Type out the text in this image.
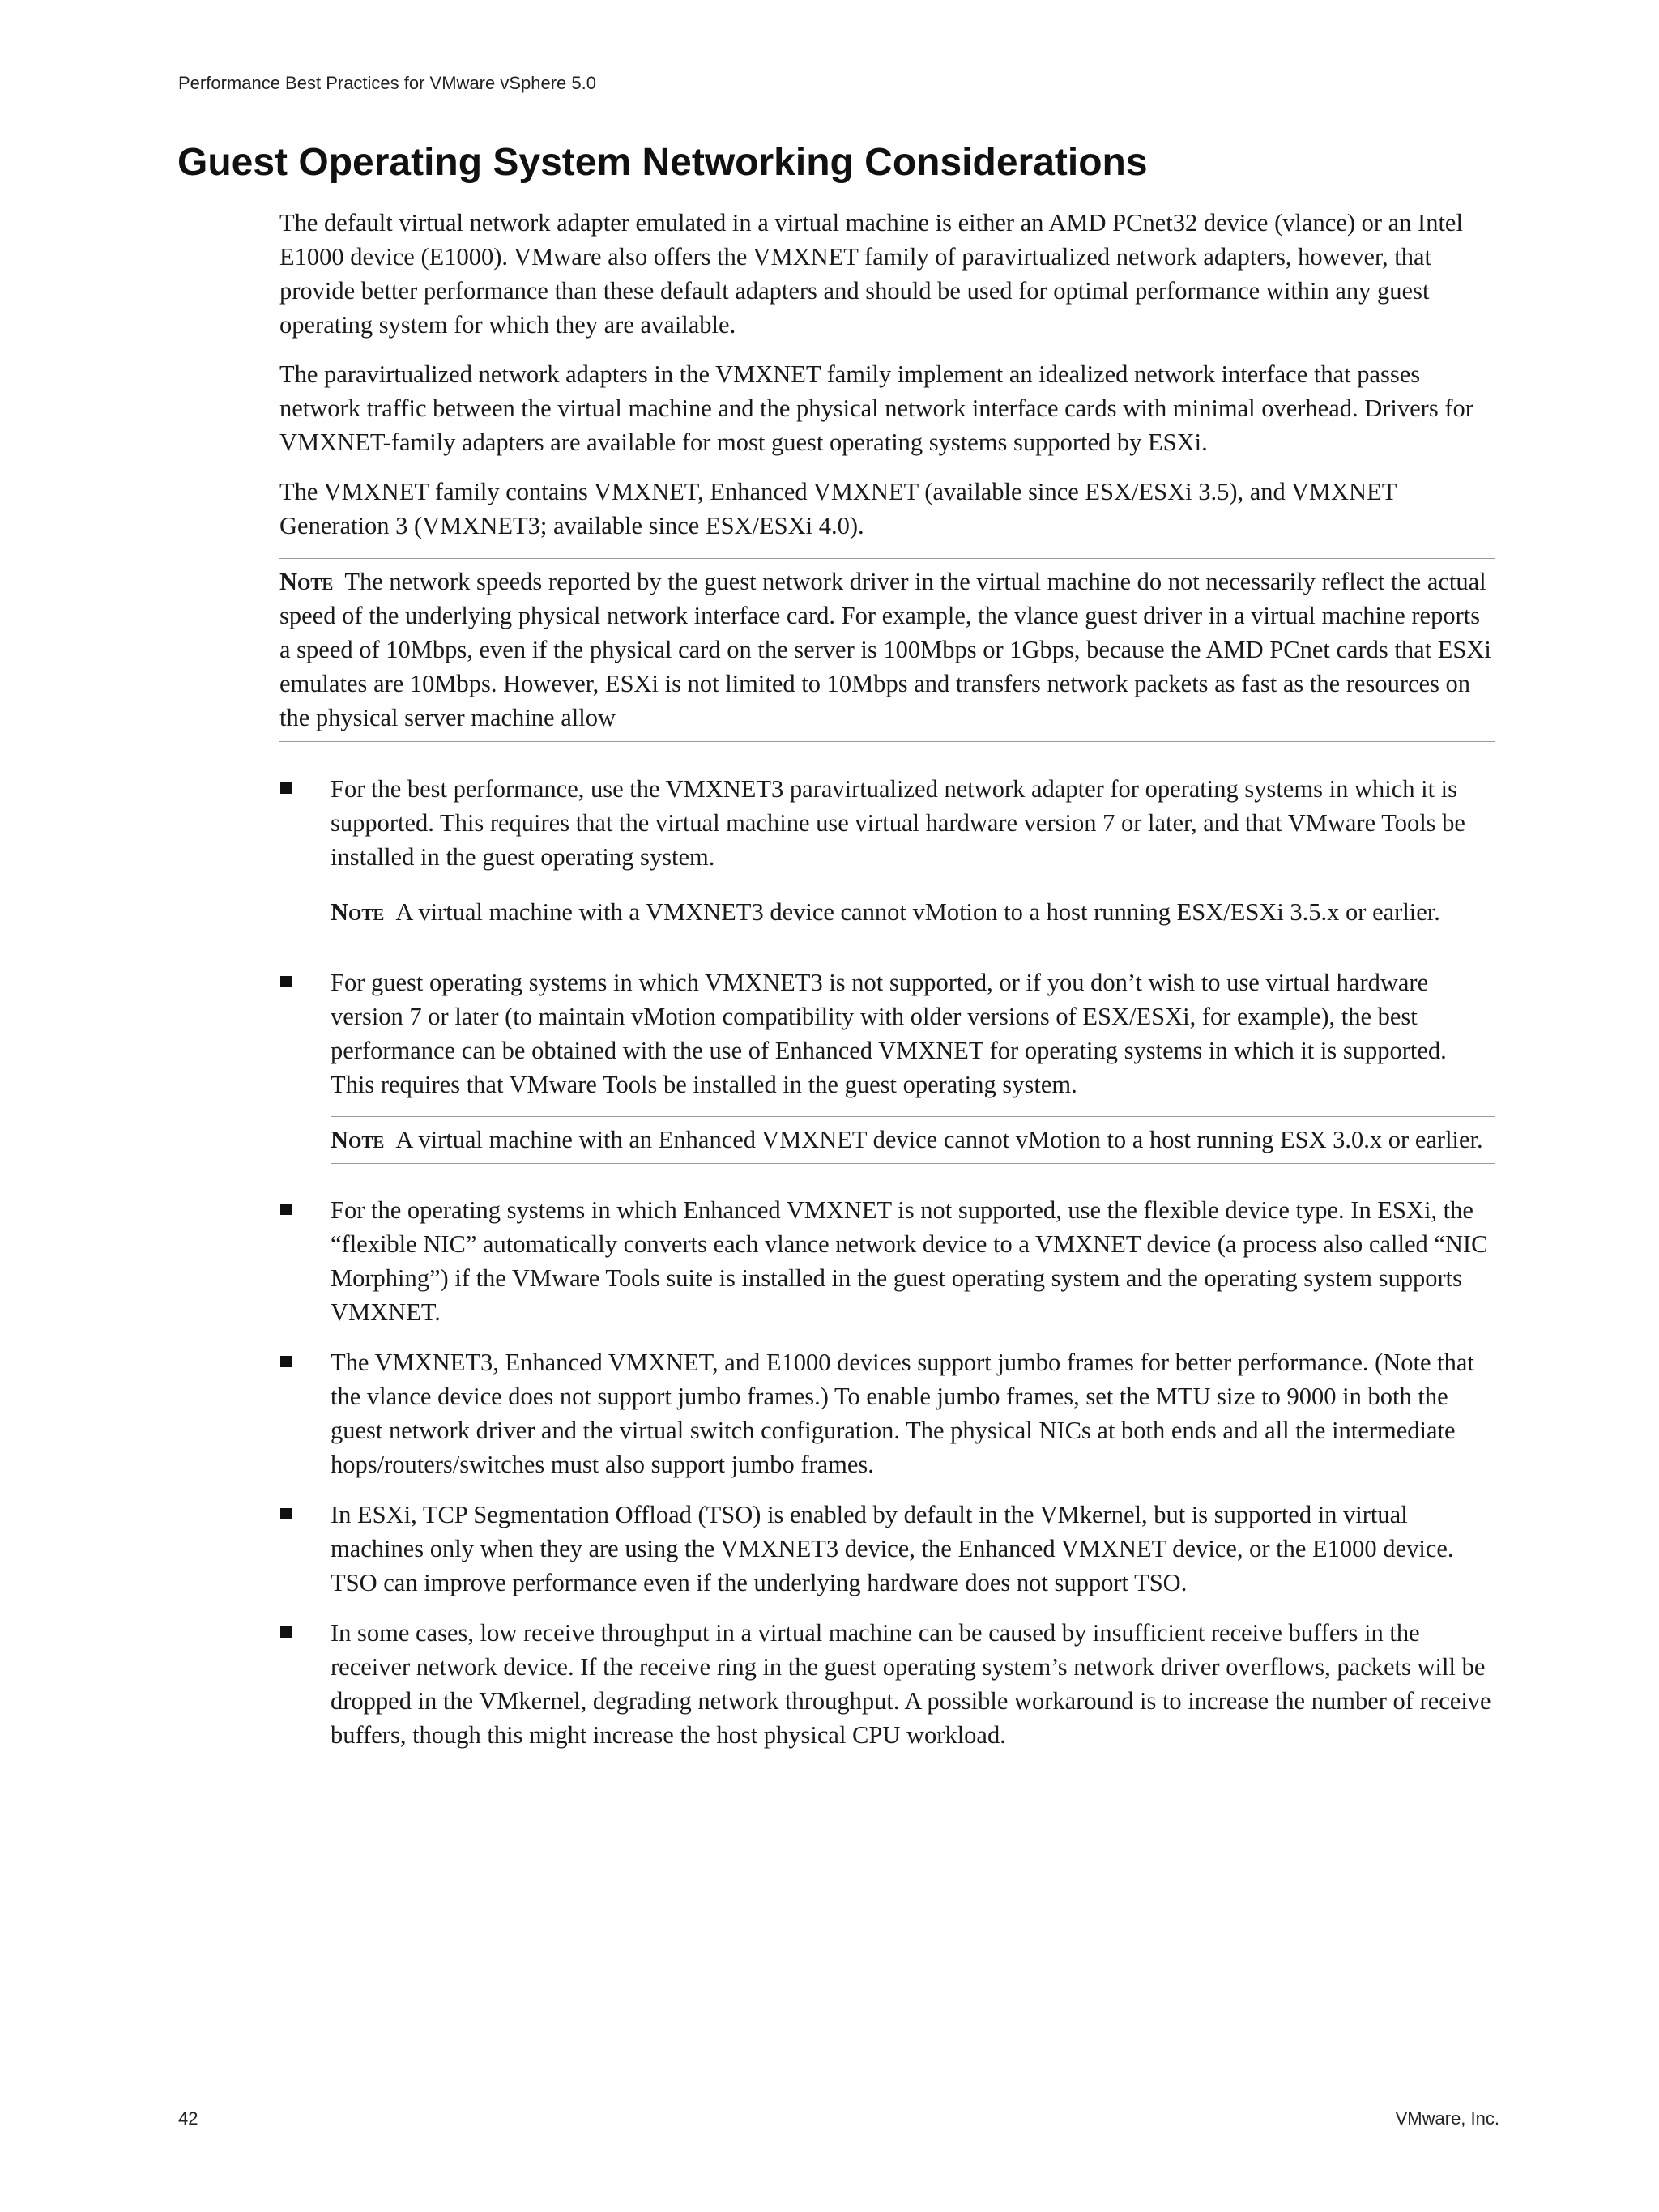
Performance Best Practices for VMware vSphere 5.0
Guest Operating System Networking Considerations

The default virtual network adapter emulated in a virtual machine is either an AMD PCnet32 device (vlance) or an Intel E1000 device (E1000). VMware also offers the VMXNET family of paravirtualized network adapters, however, that provide better performance than these default adapters and should be used for optimal performance within any guest operating system for which they are available.

The paravirtualized network adapters in the VMXNET family implement an idealized network interface that passes network traffic between the virtual machine and the physical network interface cards with minimal overhead. Drivers for VMXNET-family adapters are available for most guest operating systems supported by ESXi.

The VMXNET family contains VMXNET, Enhanced VMXNET (available since ESX/ESXi 3.5), and VMXNET Generation 3 (VMXNET3; available since ESX/ESXi 4.0).

Note The network speeds reported by the guest network driver in the virtual machine do not necessarily reflect the actual speed of the underlying physical network interface card. For example, the vlance guest driver in a virtual machine reports a speed of 10Mbps, even if the physical card on the server is 100Mbps or 1Gbps, because the AMD PCnet cards that ESXi emulates are 10Mbps. However, ESXi is not limited to 10Mbps and transfers network packets as fast as the resources on the physical server machine allow

For the best performance, use the VMXNET3 paravirtualized network adapter for operating systems in which it is supported. This requires that the virtual machine use virtual hardware version 7 or later, and that VMware Tools be installed in the guest operating system.

Note A virtual machine with a VMXNET3 device cannot vMotion to a host running ESX/ESXi 3.5.x or earlier.

For guest operating systems in which VMXNET3 is not supported, or if you don’t wish to use virtual hardware version 7 or later (to maintain vMotion compatibility with older versions of ESX/ESXi, for example), the best performance can be obtained with the use of Enhanced VMXNET for operating systems in which it is supported. This requires that VMware Tools be installed in the guest operating system.

Note A virtual machine with an Enhanced VMXNET device cannot vMotion to a host running ESX 3.0.x or earlier.
For the operating systems in which Enhanced VMXNET is not supported, use the flexible device type. In ESXi, the “flexible NIC” automatically converts each vlance network device to a VMXNET device (a process also called “NIC Morphing”) if the VMware Tools suite is installed in the guest operating system and the operating system supports VMXNET.
The VMXNET3, Enhanced VMXNET, and E1000 devices support jumbo frames for better performance. (Note that the vlance device does not support jumbo frames.) To enable jumbo frames, set the MTU size to 9000 in both the guest network driver and the virtual switch configuration. The physical NICs at both ends and all the intermediate hops/routers/switches must also support jumbo frames.
In ESXi, TCP Segmentation Offload (TSO) is enabled by default in the VMkernel, but is supported in virtual machines only when they are using the VMXNET3 device, the Enhanced VMXNET device, or the E1000 device. TSO can improve performance even if the underlying hardware does not support TSO.
In some cases, low receive throughput in a virtual machine can be caused by insufficient receive buffers in the receiver network device. If the receive ring in the guest operating system’s network driver overflows, packets will be dropped in the VMkernel, degrading network throughput. A possible workaround is to increase the number of receive buffers, though this might increase the host physical CPU workload.
42	VMware, Inc.
